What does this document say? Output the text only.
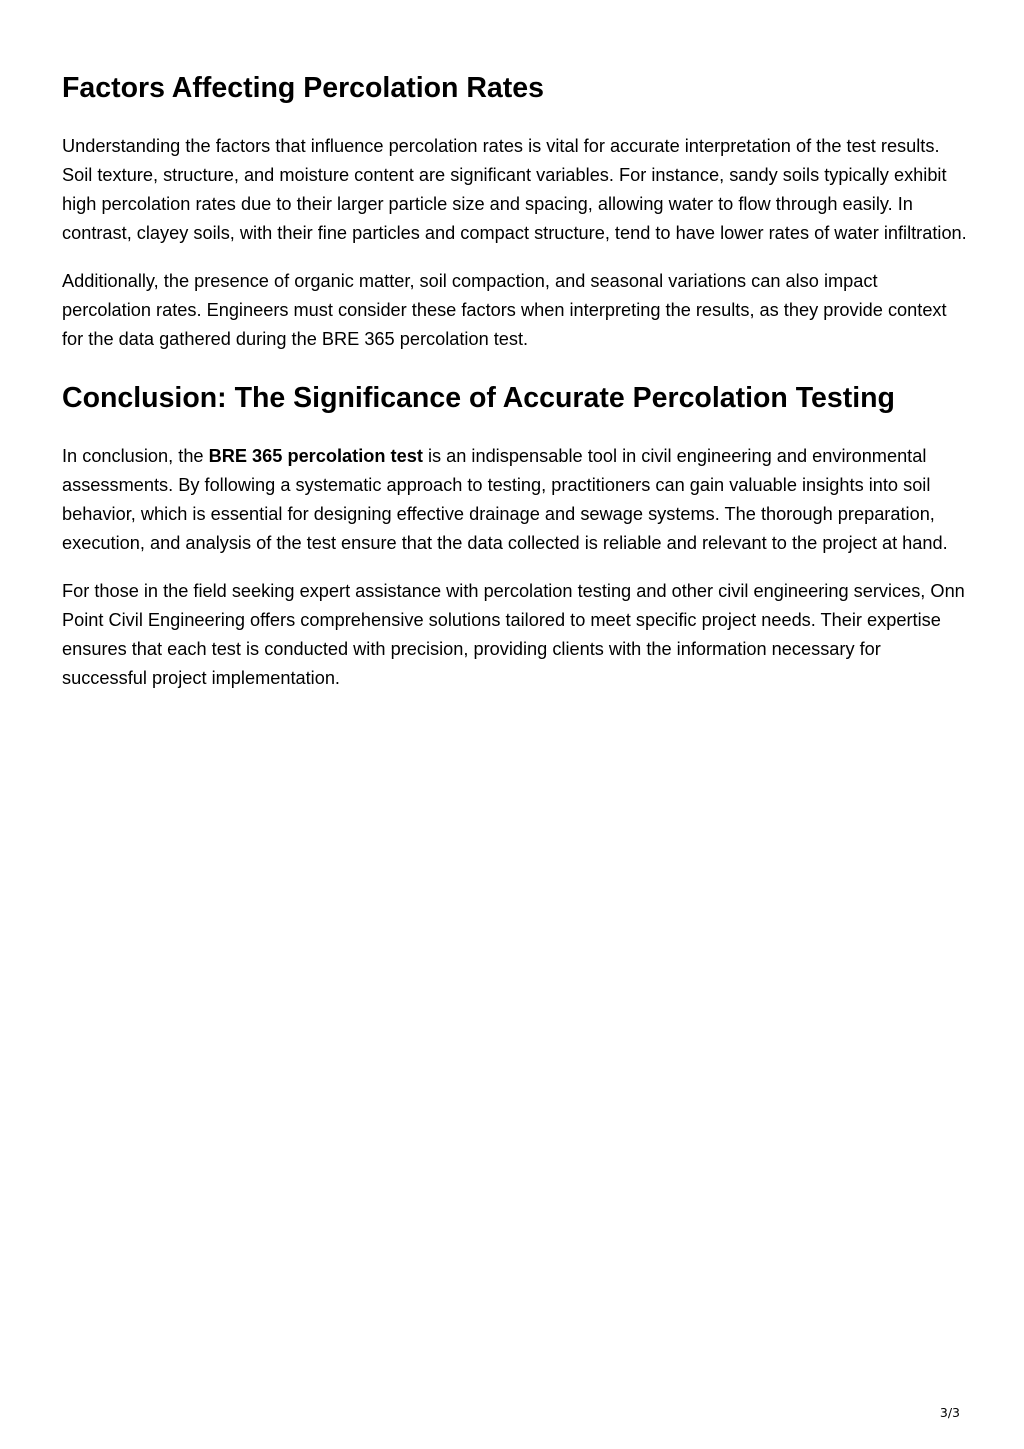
Factors Affecting Percolation Rates

Understanding the factors that influence percolation rates is vital for accurate interpretation of the test results. Soil texture, structure, and moisture content are significant variables. For instance, sandy soils typically exhibit high percolation rates due to their larger particle size and spacing, allowing water to flow through easily. In contrast, clayey soils, with their fine particles and compact structure, tend to have lower rates of water infiltration.

Additionally, the presence of organic matter, soil compaction, and seasonal variations can also impact percolation rates. Engineers must consider these factors when interpreting the results, as they provide context for the data gathered during the BRE 365 percolation test.

Conclusion: The Significance of Accurate Percolation Testing

In conclusion, the BRE 365 percolation test is an indispensable tool in civil engineering and environmental assessments. By following a systematic approach to testing, practitioners can gain valuable insights into soil behavior, which is essential for designing effective drainage and sewage systems. The thorough preparation, execution, and analysis of the test ensure that the data collected is reliable and relevant to the project at hand.

For those in the field seeking expert assistance with percolation testing and other civil engineering services, Onn Point Civil Engineering offers comprehensive solutions tailored to meet specific project needs. Their expertise ensures that each test is conducted with precision, providing clients with the information necessary for successful project implementation.

3/3
